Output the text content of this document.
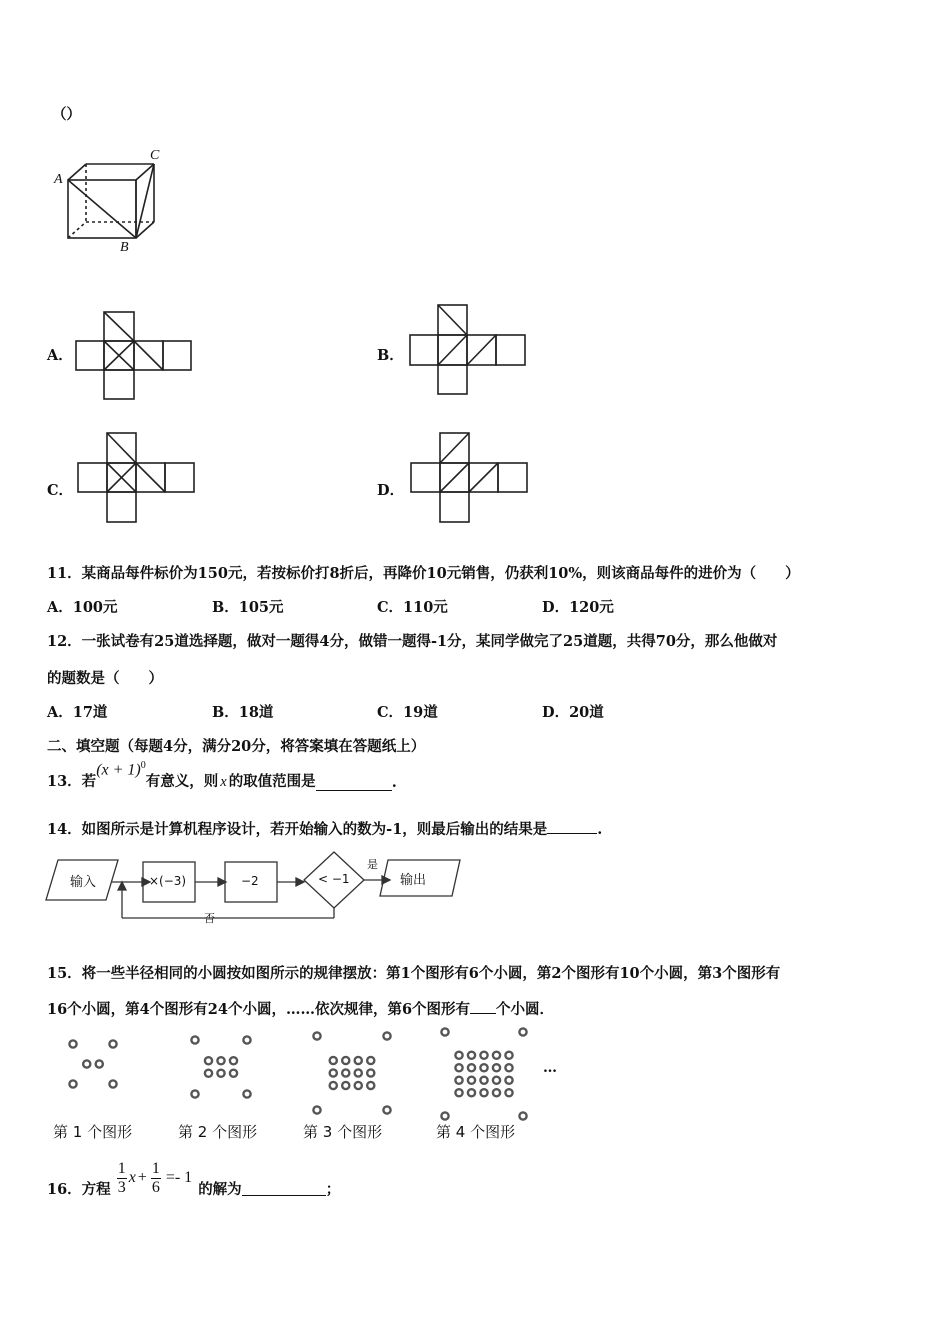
（）
A
C
B
A．	B．
C．	D．
11．某商品每件标价为150元，若按标价打8折后，再降价10元销售，仍获利10%，则该商品每件的进价为（　　）
A．100元	B．105元	C．110元	D．120元
12．一张试卷有25道选择题，做对一题得4分，做错一题得-1分，某同学做完了25道题，共得70分，那么他做对
的题数是（　　）
A．17道	B．18道	C．19道	D．20道
二、填空题（每题4分，满分20分，将答案填在答题纸上）
13．若
$(x + 1)^0$
有意义，则 x 的取值范围是	.
14．如图所示是计算机程序设计，若开始输入的数为-1，则最后输出的结果是	.
输入	×(−3)	−2	< −1
是
否
输出
15．将一些半径相同的小圆按如图所示的规律摆放：第1个图形有6个小圆，第2个图形有10个小圆，第3个图形有
16个小圆，第4个图形有24个小圆，……依次规律，第6个图形有 个小圆．
…
第 1 个图形	第 2 个图形	第 3 个图形	第 4 个图形
16．方程 $\frac{1}{3}$ $x + \frac{1}{6} =- 1$
的解为	；
